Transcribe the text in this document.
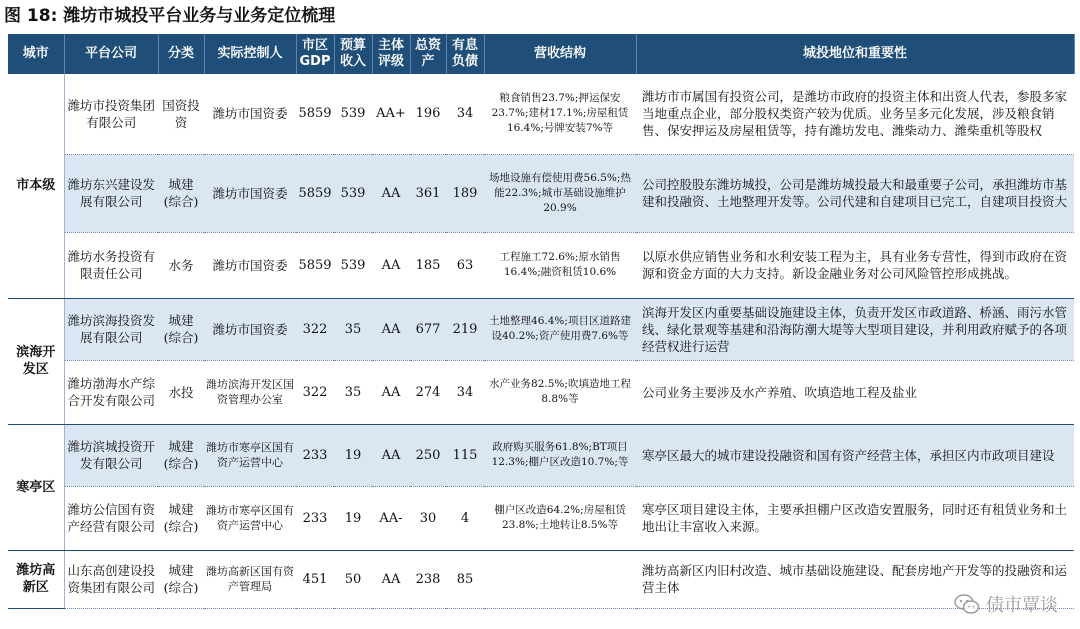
图 18: 潍坊市城投平台业务与业务定位梳理
城市	平台公司	分类	实际控制人	市区GDP	预算收入	主体评级	总资产	有息负债	营收结构	城投地位和重要性
市本级	潍坊市投资集团有限公司	国资投资	潍坊市国资委	5859	539	AA+	196	34	粮食销售23.7%;押运保安23.7%;建材17.1%;房屋租赁16.4%;号牌安装7%等	潍坊市市属国有投资公司，是潍坊市政府的投资主体和出资人代表，参股多家当地重点企业，部分股权类资产较为优质。业务呈多元化发展，涉及粮食销售、保安押运及房屋租赁等，持有潍坊发电、潍柴动力、潍柴重机等股权
	潍坊东兴建设发展有限公司	城建(综合)	潍坊市国资委	5859	539	AA	361	189	场地设施有偿使用费56.5%;热能22.3%;城市基础设施维护20.9%	公司控股股东潍坊城投，公司是潍坊城投最大和最重要子公司，承担潍坊市基建和投融资、土地整理开发等。公司代建和自建项目已完工，自建项目投资大
	潍坊水务投资有限责任公司	水务	潍坊市国资委	5859	539	AA	185	63	工程施工72.6%;原水销售16.4%;融资租赁10.6%	以原水供应销售业务和水利安装工程为主，具有业务专营性，得到市政府在资源和资金方面的大力支持。新设金融业务对公司风险管控形成挑战。
滨海开发区	潍坊滨海投资发展有限公司	城建(综合)	潍坊市国资委	322	35	AA	677	219	土地整理46.4%;项目区道路建设40.2%;资产使用费7.6%等	滨海开发区内重要基础设施建设主体，负责开发区市政道路、桥涵、雨污水管线、绿化景观等基建和沿海防潮大堤等大型项目建设，并利用政府赋予的各项经营权进行运营
	潍坊渤海水产综合开发有限公司	水投	潍坊滨海开发区国资管理办公室	322	35	AA	274	34	水产业务82.5%;吹填造地工程8.8%等	公司业务主要涉及水产养殖、吹填造地工程及盐业
寒亭区	潍坊滨城投资开发有限公司	城建(综合)	潍坊市寒亭区国有资产运营中心	233	19	AA	250	115	政府购买服务61.8%;BT项目12.3%;棚户区改造10.7%;等	寒亭区最大的城市建设投融资和国有资产经营主体，承担区内市政项目建设
	潍坊公信国有资产经营有限公司	城建(综合)	潍坊市寒亭区国有资产运营中心	233	19	AA-	30	4	棚户区改造64.2%;房屋租赁23.8%;土地转让8.5%等	寒亭区项目建设主体，主要承担棚户区改造安置服务，同时还有租赁业务和土地出让丰富收入来源。
潍坊高新区	山东高创建设投资集团有限公司	城建(综合)	潍坊高新区国有资产管理局	451	50	AA	238	85		潍坊高新区内旧村改造、城市基础设施建设、配套房地产开发等的投融资和运营主体
债市覃谈
